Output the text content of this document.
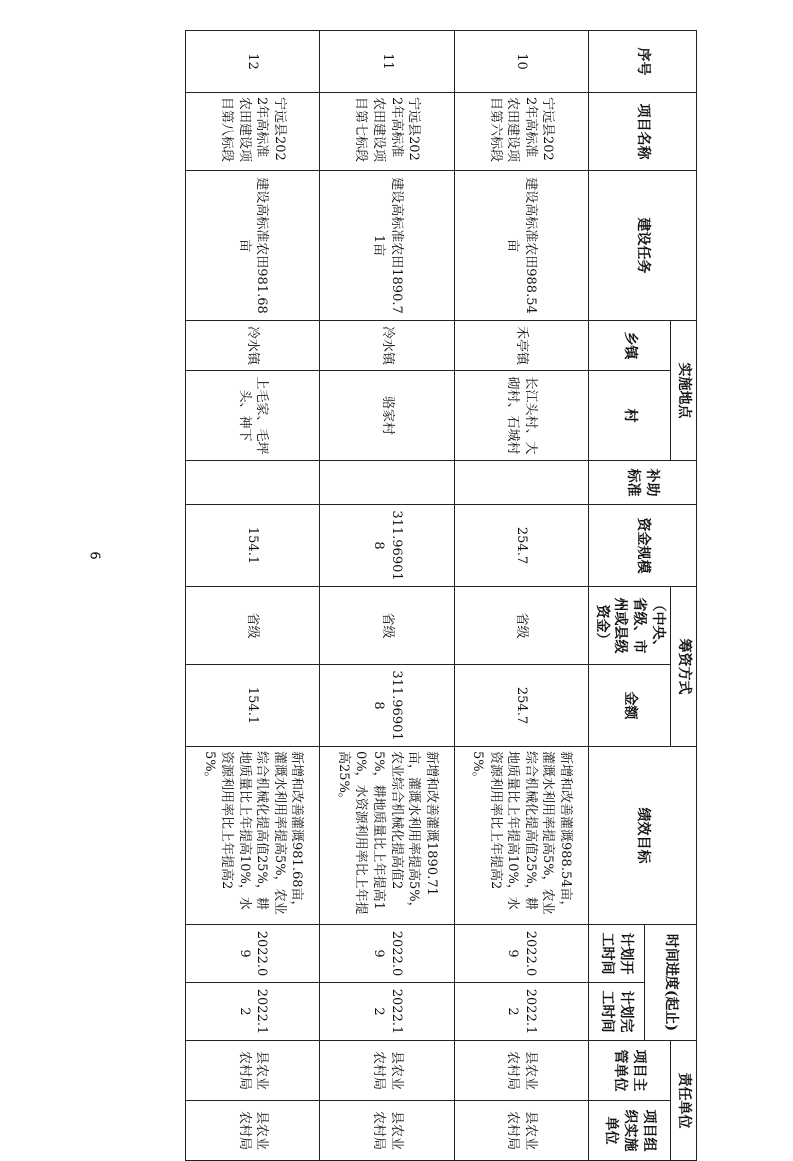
序号	项目名称	建设任务	实施地点		补助标准	资金规模	筹资方式		绩效目标	时间进度(起止)		责任单位	
			乡镇	村			（中央、省级、市州或县级资金）	金额				项目主管单位	项目组织实施单位
										计划开工时间	计划完工时间		
10	宁远县2022年高标准农田建设项目第六标段	建设高标准农田988.54亩	禾亭镇	长江头村、大砌村、石城村		254.7	省级	254.7	新增和改善灌溉988.54亩，灌溉水利用率提高5%，农业综合机械化提高值25%，耕地质量比上年提高10%，水资源利用率比上年提高25%。	2022.09	2022.12	县农业农村局	县农业农村局
11	宁远县2022年高标准农田建设项目第七标段	建设高标准农田1890.71亩	冷水镇	骆家村		311.969018	省级	311.969018	新增和改善灌溉1890.71亩，灌溉水利用率提高5%，农业综合机械化提高值25%，耕地质量比上年提高10%，水资源利用率比上年提高25%。	2022.09	2022.12	县农业农村局	县农业农村局
12	宁远县2022年高标准农田建设项目第八标段	建设高标准农田981.68亩	冷水镇	上毛家、毛坪头、神下		154.1	省级	154.1	新增和改善灌溉981.68亩，灌溉水利用率提高5%，农业综合机械化提高值25%，耕地质量比上年提高10%，水资源利用率比上年提高25%。	2022.09	2022.12	县农业农村局	县农业农村局
6
